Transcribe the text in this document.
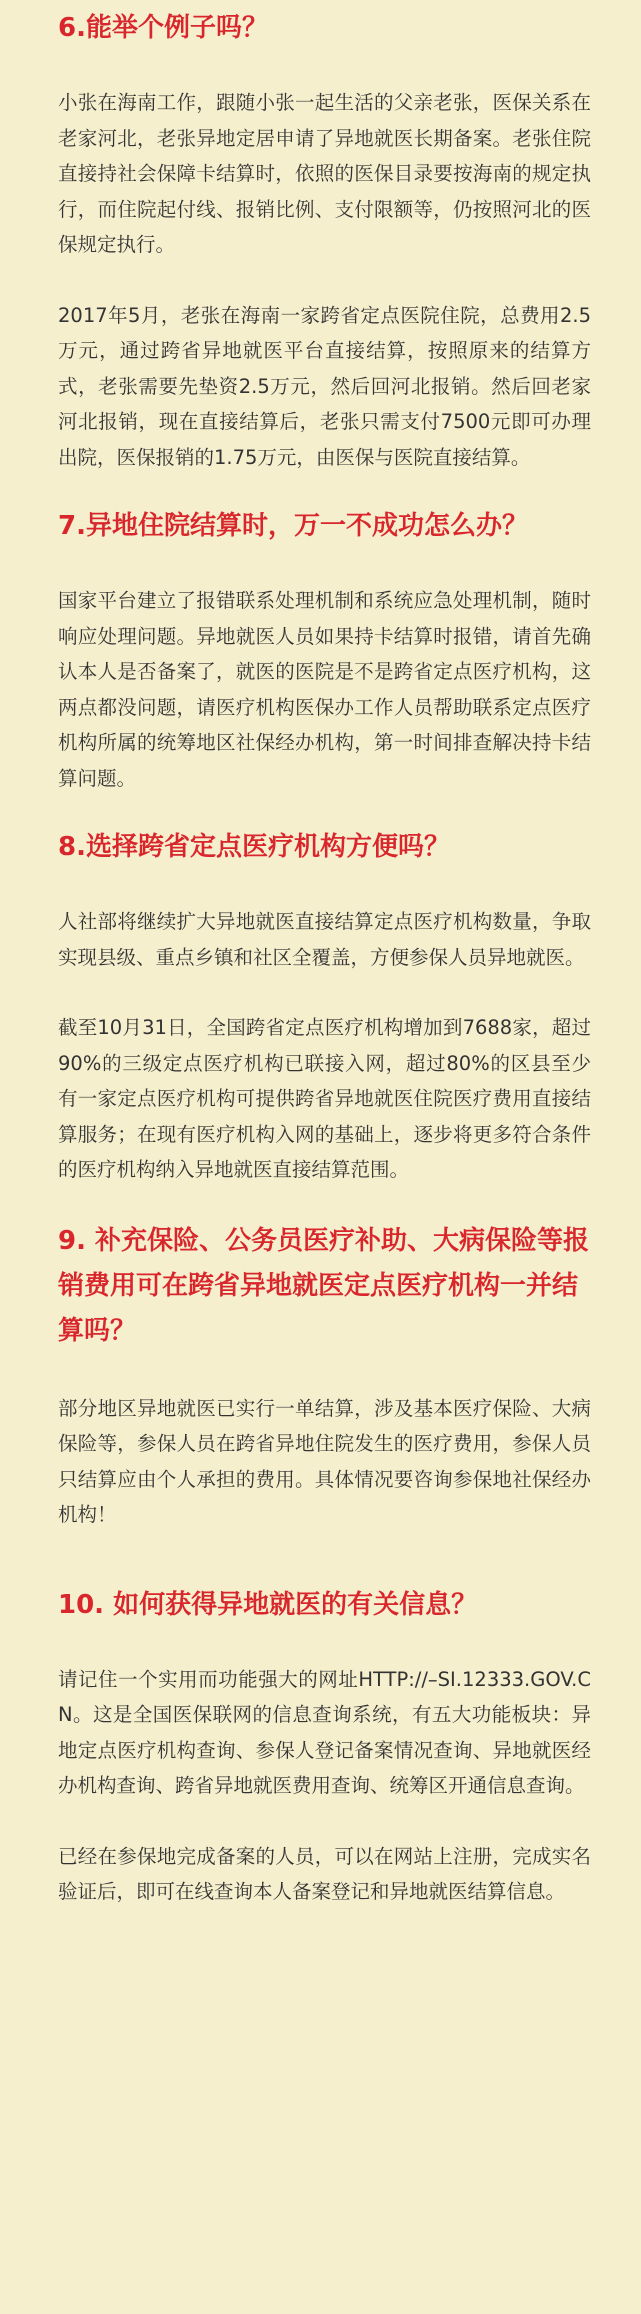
6.能举个例子吗？

小张在海南工作，跟随小张一起生活的父亲老张，医保关系在老家河北，老张异地定居申请了异地就医长期备案。老张住院直接持社会保障卡结算时，依照的医保目录要按海南的规定执行，而住院起付线、报销比例、支付限额等，仍按照河北的医保规定执行。

2017年5月，老张在海南一家跨省定点医院住院，总费用2.5万元，通过跨省异地就医平台直接结算，按照原来的结算方式，老张需要先垫资2.5万元，然后回河北报销。然后回老家河北报销，现在直接结算后，老张只需支付7500元即可办理出院，医保报销的1.75万元，由医保与医院直接结算。

7.异地住院结算时，万一不成功怎么办？

国家平台建立了报错联系处理机制和系统应急处理机制，随时响应处理问题。异地就医人员如果持卡结算时报错，请首先确认本人是否备案了，就医的医院是不是跨省定点医疗机构，这两点都没问题，请医疗机构医保办工作人员帮助联系定点医疗机构所属的统筹地区社保经办机构，第一时间排查解决持卡结算问题。

8.选择跨省定点医疗机构方便吗？

人社部将继续扩大异地就医直接结算定点医疗机构数量，争取实现县级、重点乡镇和社区全覆盖，方便参保人员异地就医。

截至10月31日，全国跨省定点医疗机构增加到7688家，超过90%的三级定点医疗机构已联接入网，超过80%的区县至少有一家定点医疗机构可提供跨省异地就医住院医疗费用直接结算服务；在现有医疗机构入网的基础上，逐步将更多符合条件的医疗机构纳入异地就医直接结算范围。

9. 补充保险、公务员医疗补助、大病保险等报销费用可在跨省异地就医定点医疗机构一并结算吗？

部分地区异地就医已实行一单结算，涉及基本医疗保险、大病保险等，参保人员在跨省异地住院发生的医疗费用，参保人员只结算应由个人承担的费用。具体情况要咨询参保地社保经办机构！

10. 如何获得异地就医的有关信息？

请记住一个实用而功能强大的网址HTTP://–SI.12333.GOV.CN。这是全国医保联网的信息查询系统，有五大功能板块：异地定点医疗机构查询、参保人登记备案情况查询、异地就医经办机构查询、跨省异地就医费用查询、统筹区开通信息查询。

已经在参保地完成备案的人员，可以在网站上注册，完成实名验证后，即可在线查询本人备案登记和异地就医结算信息。
